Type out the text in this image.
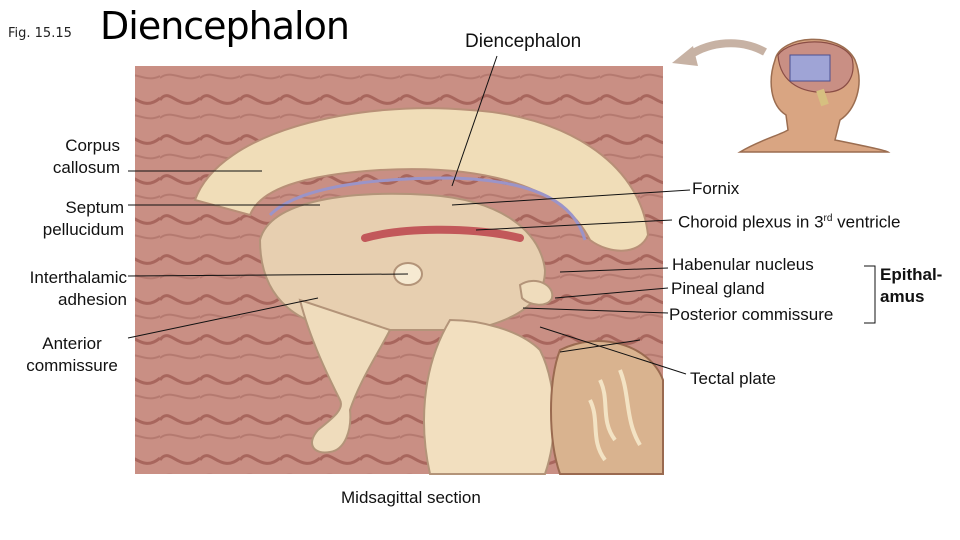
Fig. 15.15 Diencephalon	Diencephalon
Corpus
callosum
Septum
pellucidum
Interthalamic
adhesion
Anterior
commissure
Fornix
Choroid plexus in 3rd ventricle
Habenular nucleus
Pineal gland
Posterior commissure
Epithal-
amus
Tectal plate
Midsagittal section
